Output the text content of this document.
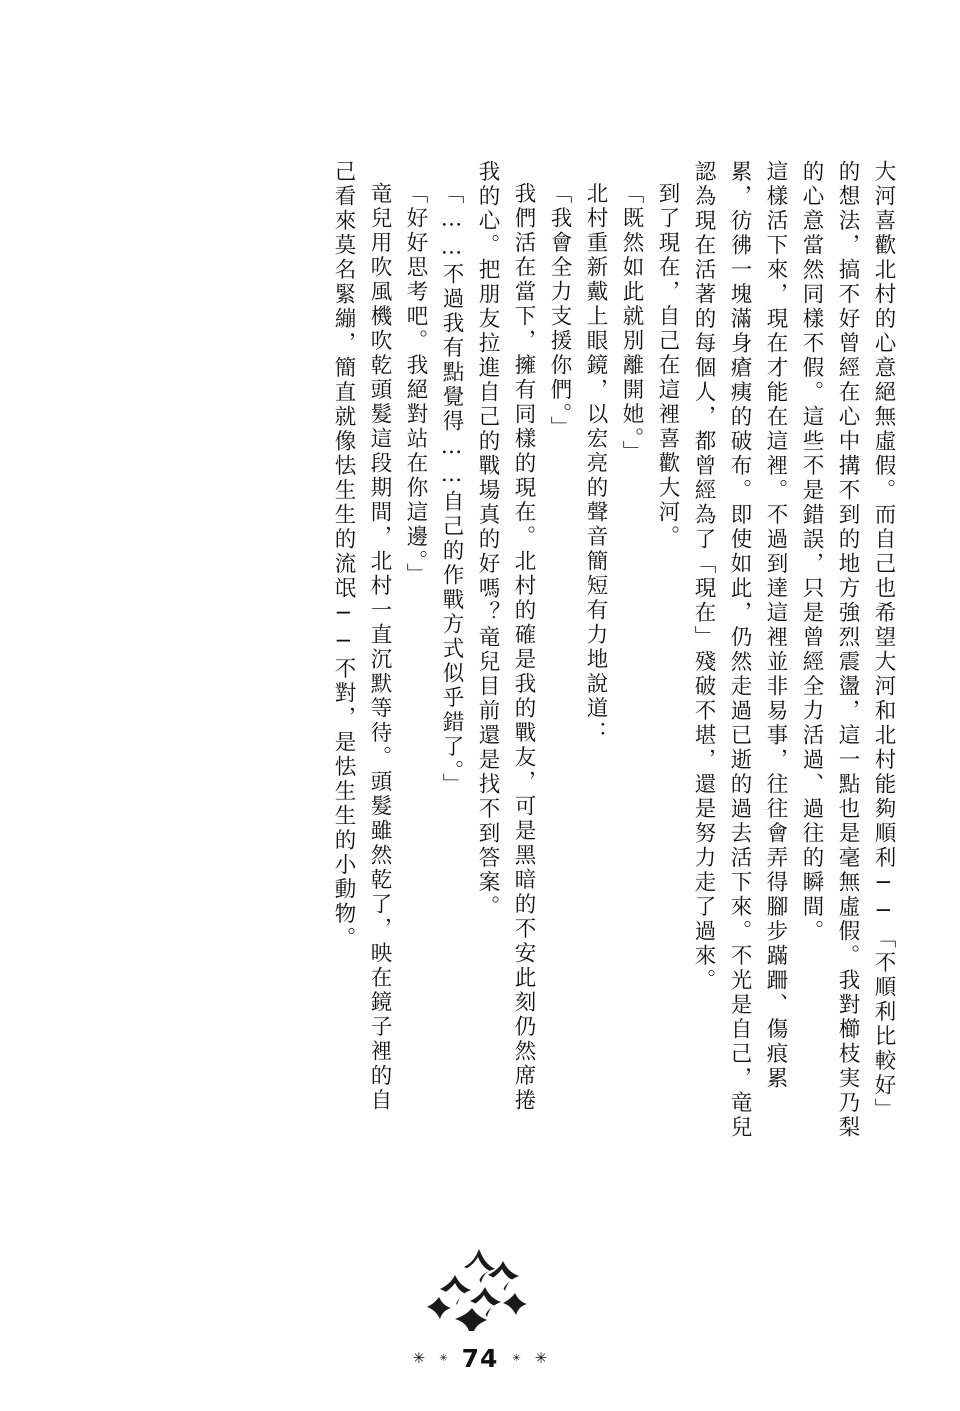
大河喜歡北村的心意絕無虛假。而自己也希望大河和北村能夠順利──「不順利比較好」
的想法，搞不好曾經在心中搆不到的地方強烈震盪，這一點也是毫無虛假。我對櫛枝実乃梨
的心意當然同樣不假。這些不是錯誤，只是曾經全力活過、過往的瞬間。
這樣活下來，現在才能在這裡。不過到達這裡並非易事，往往會弄得腳步蹣跚、傷痕累
累，彷彿一塊滿身瘡痍的破布。即使如此，仍然走過已逝的過去活下來。不光是自己，竜兒
認為現在活著的每個人，都曾經為了「現在」殘破不堪，還是努力走了過來。
到了現在，自己在這裡喜歡大河。
「既然如此就別離開她。」
北村重新戴上眼鏡，以宏亮的聲音簡短有力地說道：
「我會全力支援你們。」
我們活在當下，擁有同樣的現在。北村的確是我的戰友，可是黑暗的不安此刻仍然席捲
我的心。把朋友拉進自己的戰場真的好嗎？竜兒目前還是找不到答案。
「……不過我有點覺得……自己的作戰方式似乎錯了。」
「好好思考吧。我絕對站在你這邊。」
竜兒用吹風機吹乾頭髮這段期間，北村一直沉默等待。頭髮雖然乾了，映在鏡子裡的自
己看來莫名緊繃，簡直就像怯生生的流氓──不對，是怯生生的小動物。
✳ ✳ 74 ✳ ✳
